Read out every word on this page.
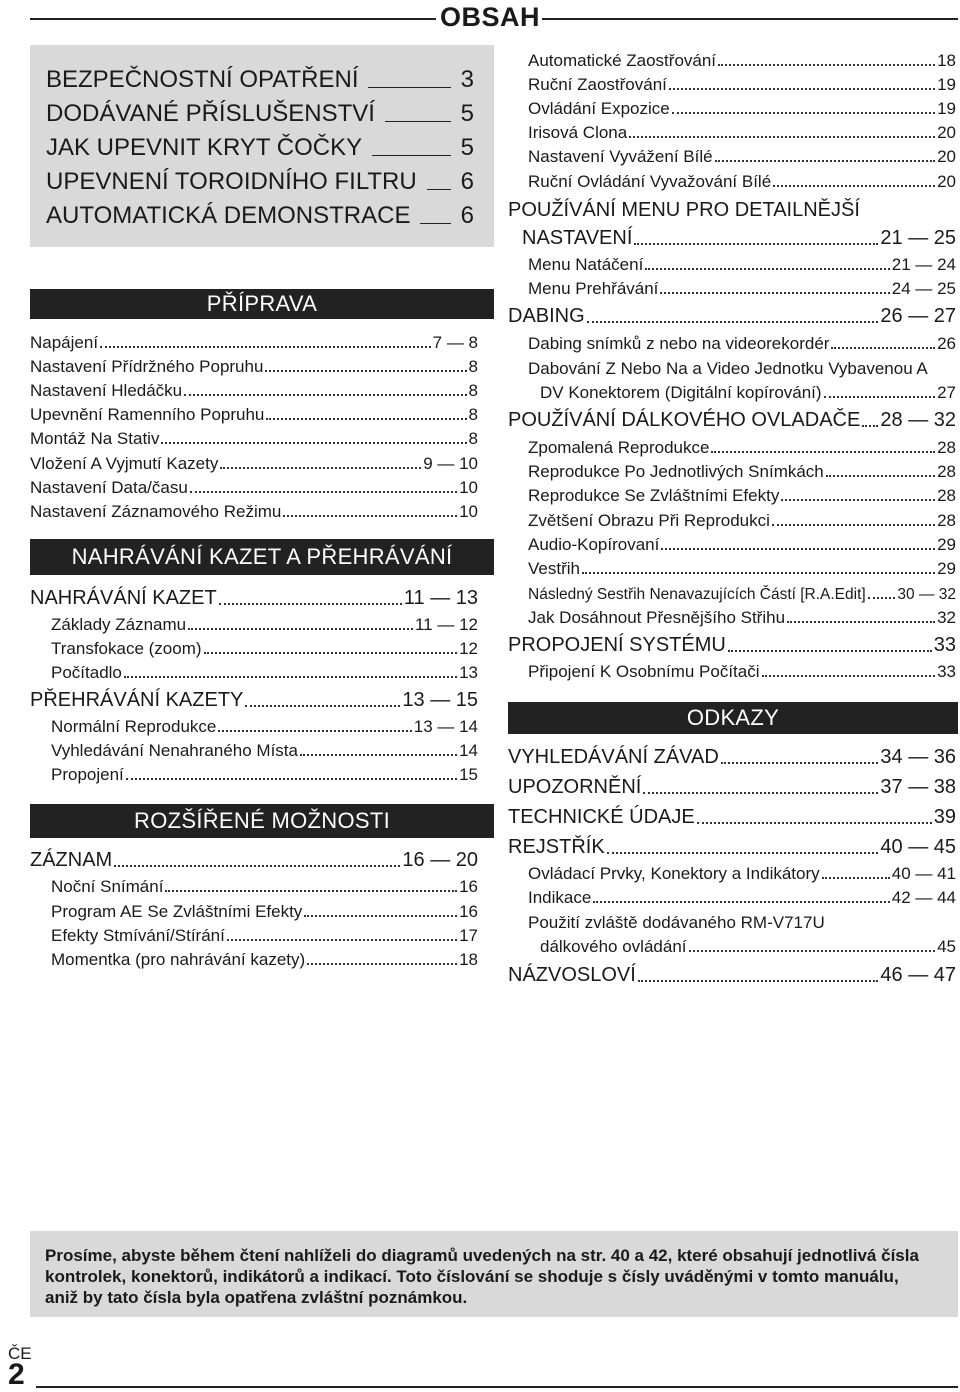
OBSAH
BEZPEČNOSTNÍ OPATŘENÍ	3
DODÁVANÉ PŘÍSLUŠENSTVÍ	5
JAK UPEVNIT KRYT ČOČKY	5
UPEVNENÍ TOROIDNÍHO FILTRU 6
AUTOMATICKÁ DEMONSTRACE 6
PŘÍPRAVA
NAHRÁVÁNÍ KAZET A PŘEHRÁVÁNÍ
ROZŠÍŘENÉ MOŽNOSTI
ODKAZY
Napájení	7 — 8
Nastavení Přídržného Popruhu	8
Nastavení Hledáčku	8
Upevnění Ramenního Popruhu	8
Montáž Na Stativ	8
Vložení A Vyjmutí Kazety	9 — 10
Nastavení Data/času	10
Nastavení Záznamového Režimu	10
NAHRÁVÁNÍ KAZET	11 — 13
Základy Záznamu	11 — 12
Transfokace (zoom)	12
Počítadlo	13
PŘEHRÁVÁNÍ KAZETY	13 — 15
Normální Reprodukce	13 — 14
Vyhledávání Nenahraného Místa	14
Propojení	15
ZÁZNAM	16 — 20
Noční Snímání	16
Program AE Se Zvláštními Efekty	16
Efekty Stmívání/Stírání	17
Momentka (pro nahrávání kazety)	18
Automatické Zaostřování	18
Ruční Zaostřování	19
Ovládání Expozice	19
Irisová Clona	20
Nastavení Vyvážení Bílé	20
Ruční Ovládání Vyvažování Bílé	20
POUŽÍVÁNÍ MENU PRO DETAILNĚJŠÍ
NASTAVENÍ	21 — 25
Menu Natáčení	21 — 24
Menu Prehřávání	24 — 25
DABING	26 — 27
Dabing snímků z nebo na videorekordér	26
Dabování Z Nebo Na a Video Jednotku Vybavenou A
DV Konektorem (Digitální kopírování)	27
POUŽÍVÁNÍ DÁLKOVÉHO OVLADAČE 28 — 32
Zpomalená Reprodukce	28
Reprodukce Po Jednotlivých Snímkách	28
Reprodukce Se Zvláštními Efekty	28
Zvětšení Obrazu Při Reprodukci	28
Audio-Kopírovaní	29
Vestřih	29
Následný Sestřih Nenavazujících Částí [R.A.Edit] 30 — 32
Jak Dosáhnout Přesnějšího Střihu	32
PROPOJENÍ SYSTÉMU	33
Připojení K Osobnímu Počítači	33
VYHLEDÁVÁNÍ ZÁVAD	34 — 36
UPOZORNĚNÍ	37 — 38
TECHNICKÉ ÚDAJE	39
REJSTŘÍK	40 — 45
Ovládací Prvky, Konektory a Indikátory	40 — 41
Indikace	42 — 44
Použití zvláště dodávaného RM-V717U
dálkového ovládání	45
NÁZVOSLOVÍ	46 — 47

Prosíme, abyste během čtení nahlíželi do diagramů uvedených na str. 40 a 42, které obsahují jednotlivá čísla kontrolek, konektorů, indikátorů a indikací. Toto číslování se shoduje s čísly uváděnými v tomto manuálu, aniž by tato čísla byla opatřena zvláštní poznámkou.

ČE
2
